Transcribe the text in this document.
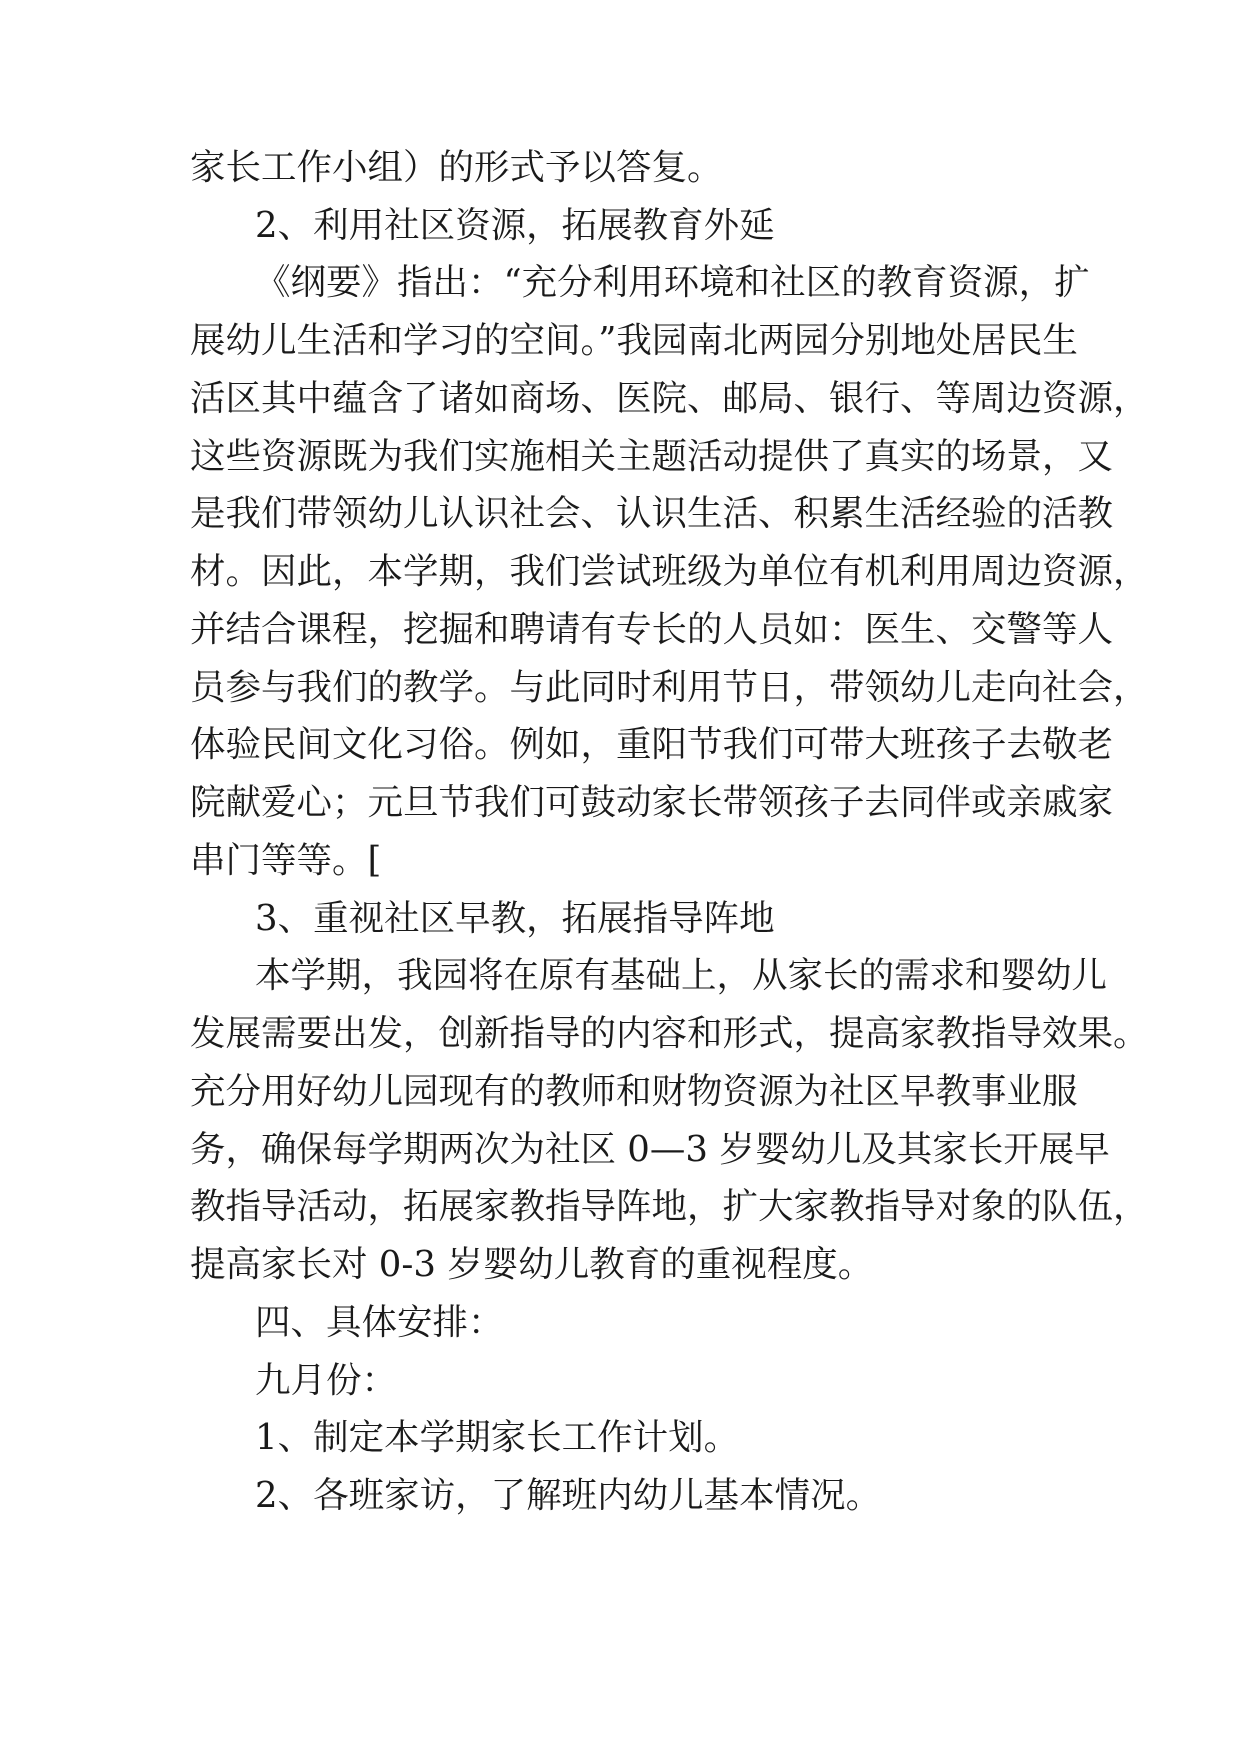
家长工作小组）的形式予以答复。
2、利用社区资源，拓展教育外延
《纲要》指出：“充分利用环境和社区的教育资源，扩
展幼儿生活和学习的空间。”我园南北两园分别地处居民生
活区其中蕴含了诸如商场、医院、邮局、银行、等周边资源，
这些资源既为我们实施相关主题活动提供了真实的场景，又
是我们带领幼儿认识社会、认识生活、积累生活经验的活教
材。因此，本学期，我们尝试班级为单位有机利用周边资源，
并结合课程，挖掘和聘请有专长的人员如：医生、交警等人
员参与我们的教学。与此同时利用节日，带领幼儿走向社会，
体验民间文化习俗。例如，重阳节我们可带大班孩子去敬老
院献爱心；元旦节我们可鼓动家长带领孩子去同伴或亲戚家
串门等等。[
3、重视社区早教，拓展指导阵地
本学期，我园将在原有基础上，从家长的需求和婴幼儿
发展需要出发，创新指导的内容和形式，提高家教指导效果。
充分用好幼儿园现有的教师和财物资源为社区早教事业服
务，确保每学期两次为社区 0—3 岁婴幼儿及其家长开展早
教指导活动，拓展家教指导阵地，扩大家教指导对象的队伍，
提高家长对 0-3 岁婴幼儿教育的重视程度。
四、具体安排：
九月份：
1、制定本学期家长工作计划。
2、各班家访，了解班内幼儿基本情况。
